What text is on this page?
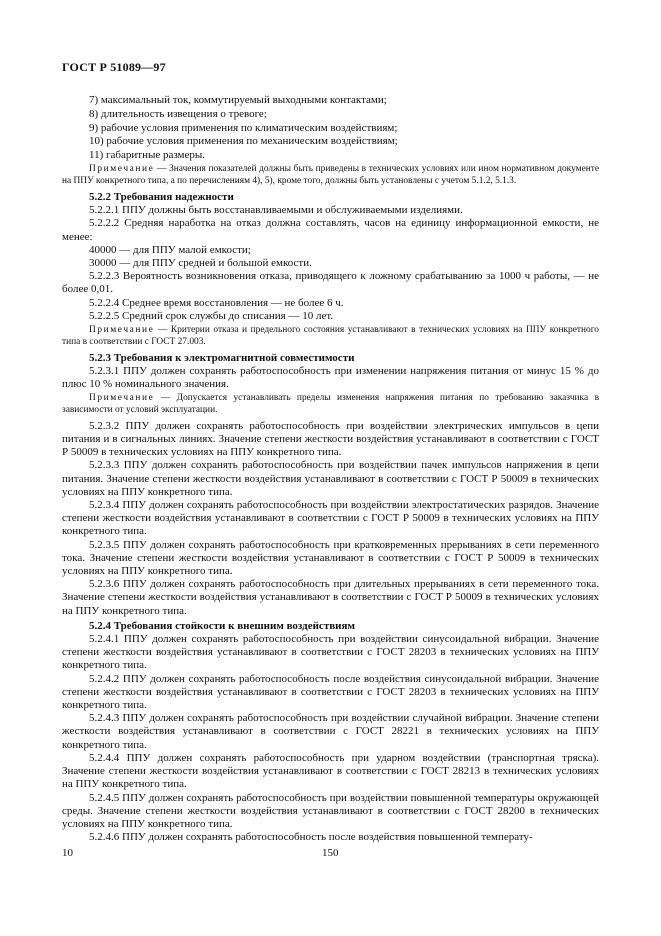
ГОСТ Р 51089—97

7) максимальный ток, коммутируемый выходными контактами;

8) длительность извещения о тревоге;

9) рабочие условия применения по климатическим воздействиям;

10) рабочие условия применения по механическим воздействиям;

11) габаритные размеры.

Примечание — Значения показателей должны быть приведены в технических условиях или ином нормативном документе на ППУ конкретного типа, а по перечислениям 4), 5), кроме того, должны быть установлены с учетом 5.1.2, 5.1.3.

5.2.2 Требования надежности

5.2.2.1 ППУ должны быть восстанавливаемыми и обслуживаемыми изделиями.

5.2.2.2 Средняя наработка на отказ должна составлять, часов на единицу информационной емкости, не менее:

40000 — для ППУ малой емкости;

30000 — для ППУ средней и большой емкости.

5.2.2.3 Вероятность возникновения отказа, приводящего к ложному срабатыванию за 1000 ч работы, — не более 0,01.

5.2.2.4 Среднее время восстановления — не более 6 ч.

5.2.2.5 Средний срок службы до списания — 10 лет.

Примечание — Критерии отказа и предельного состояния устанавливают в технических условиях на ППУ конкретного типа в соответствии с ГОСТ 27.003.

5.2.3 Требования к электромагнитной совместимости

5.2.3.1 ППУ должен сохранять работоспособность при изменении напряжения питания от минус 15 % до плюс 10 % номинального значения.

Примечание — Допускается устанавливать пределы изменения напряжения питания по требованию заказчика в зависимости от условий эксплуатации.

5.2.3.2 ППУ должен сохранять работоспособность при воздействии электрических импульсов в цепи питания и в сигнальных линиях. Значение степени жесткости воздействия устанавливают в соответствии с ГОСТ Р 50009 в технических условиях на ППУ конкретного типа.

5.2.3.3 ППУ должен сохранять работоспособность при воздействии пачек импульсов напряжения в цепи питания. Значение степени жесткости воздействия устанавливают в соответствии с ГОСТ Р 50009 в технических условиях на ППУ конкретного типа.

5.2.3.4 ППУ должен сохранять работоспособность при воздействии электростатических разрядов. Значение степени жесткости воздействия устанавливают в соответствии с ГОСТ Р 50009 в технических условиях на ППУ конкретного типа.

5.2.3.5 ППУ должен сохранять работоспособность при кратковременных прерываниях в сети переменного тока. Значение степени жесткости воздействия устанавливают в соответствии с ГОСТ Р 50009 в технических условиях на ППУ конкретного типа.

5.2.3.6 ППУ должен сохранять работоспособность при длительных прерываниях в сети переменного тока. Значение степени жесткости воздействия устанавливают в соответствии с ГОСТ Р 50009 в технических условиях на ППУ конкретного типа.

5.2.4 Требования стойкости к внешним воздействиям

5.2.4.1 ППУ должен сохранять работоспособность при воздействии синусоидальной вибрации. Значение степени жесткости воздействия устанавливают в соответствии с ГОСТ 28203 в технических условиях на ППУ конкретного типа.

5.2.4.2 ППУ должен сохранять работоспособность после воздействия синусоидальной вибрации. Значение степени жесткости воздействия устанавливают в соответствии с ГОСТ 28203 в технических условиях на ППУ конкретного типа.

5.2.4.3 ППУ должен сохранять работоспособность при воздействии случайной вибрации. Значение степени жесткости воздействия устанавливают в соответствии с ГОСТ 28221 в технических условиях на ППУ конкретного типа.

5.2.4.4 ППУ должен сохранять работоспособность при ударном воздействии (транспортная тряска). Значение степени жесткости воздействия устанавливают в соответствии с ГОСТ 28213 в технических условиях на ППУ конкретного типа.

5.2.4.5 ППУ должен сохранять работоспособность при воздействии повышенной температуры окружающей среды. Значение степени жесткости воздействия устанавливают в соответствии с ГОСТ 28200 в технических условиях на ППУ конкретного типа.

5.2.4.6 ППУ должен сохранять работоспособность после воздействия повышенной температу-

10	150
